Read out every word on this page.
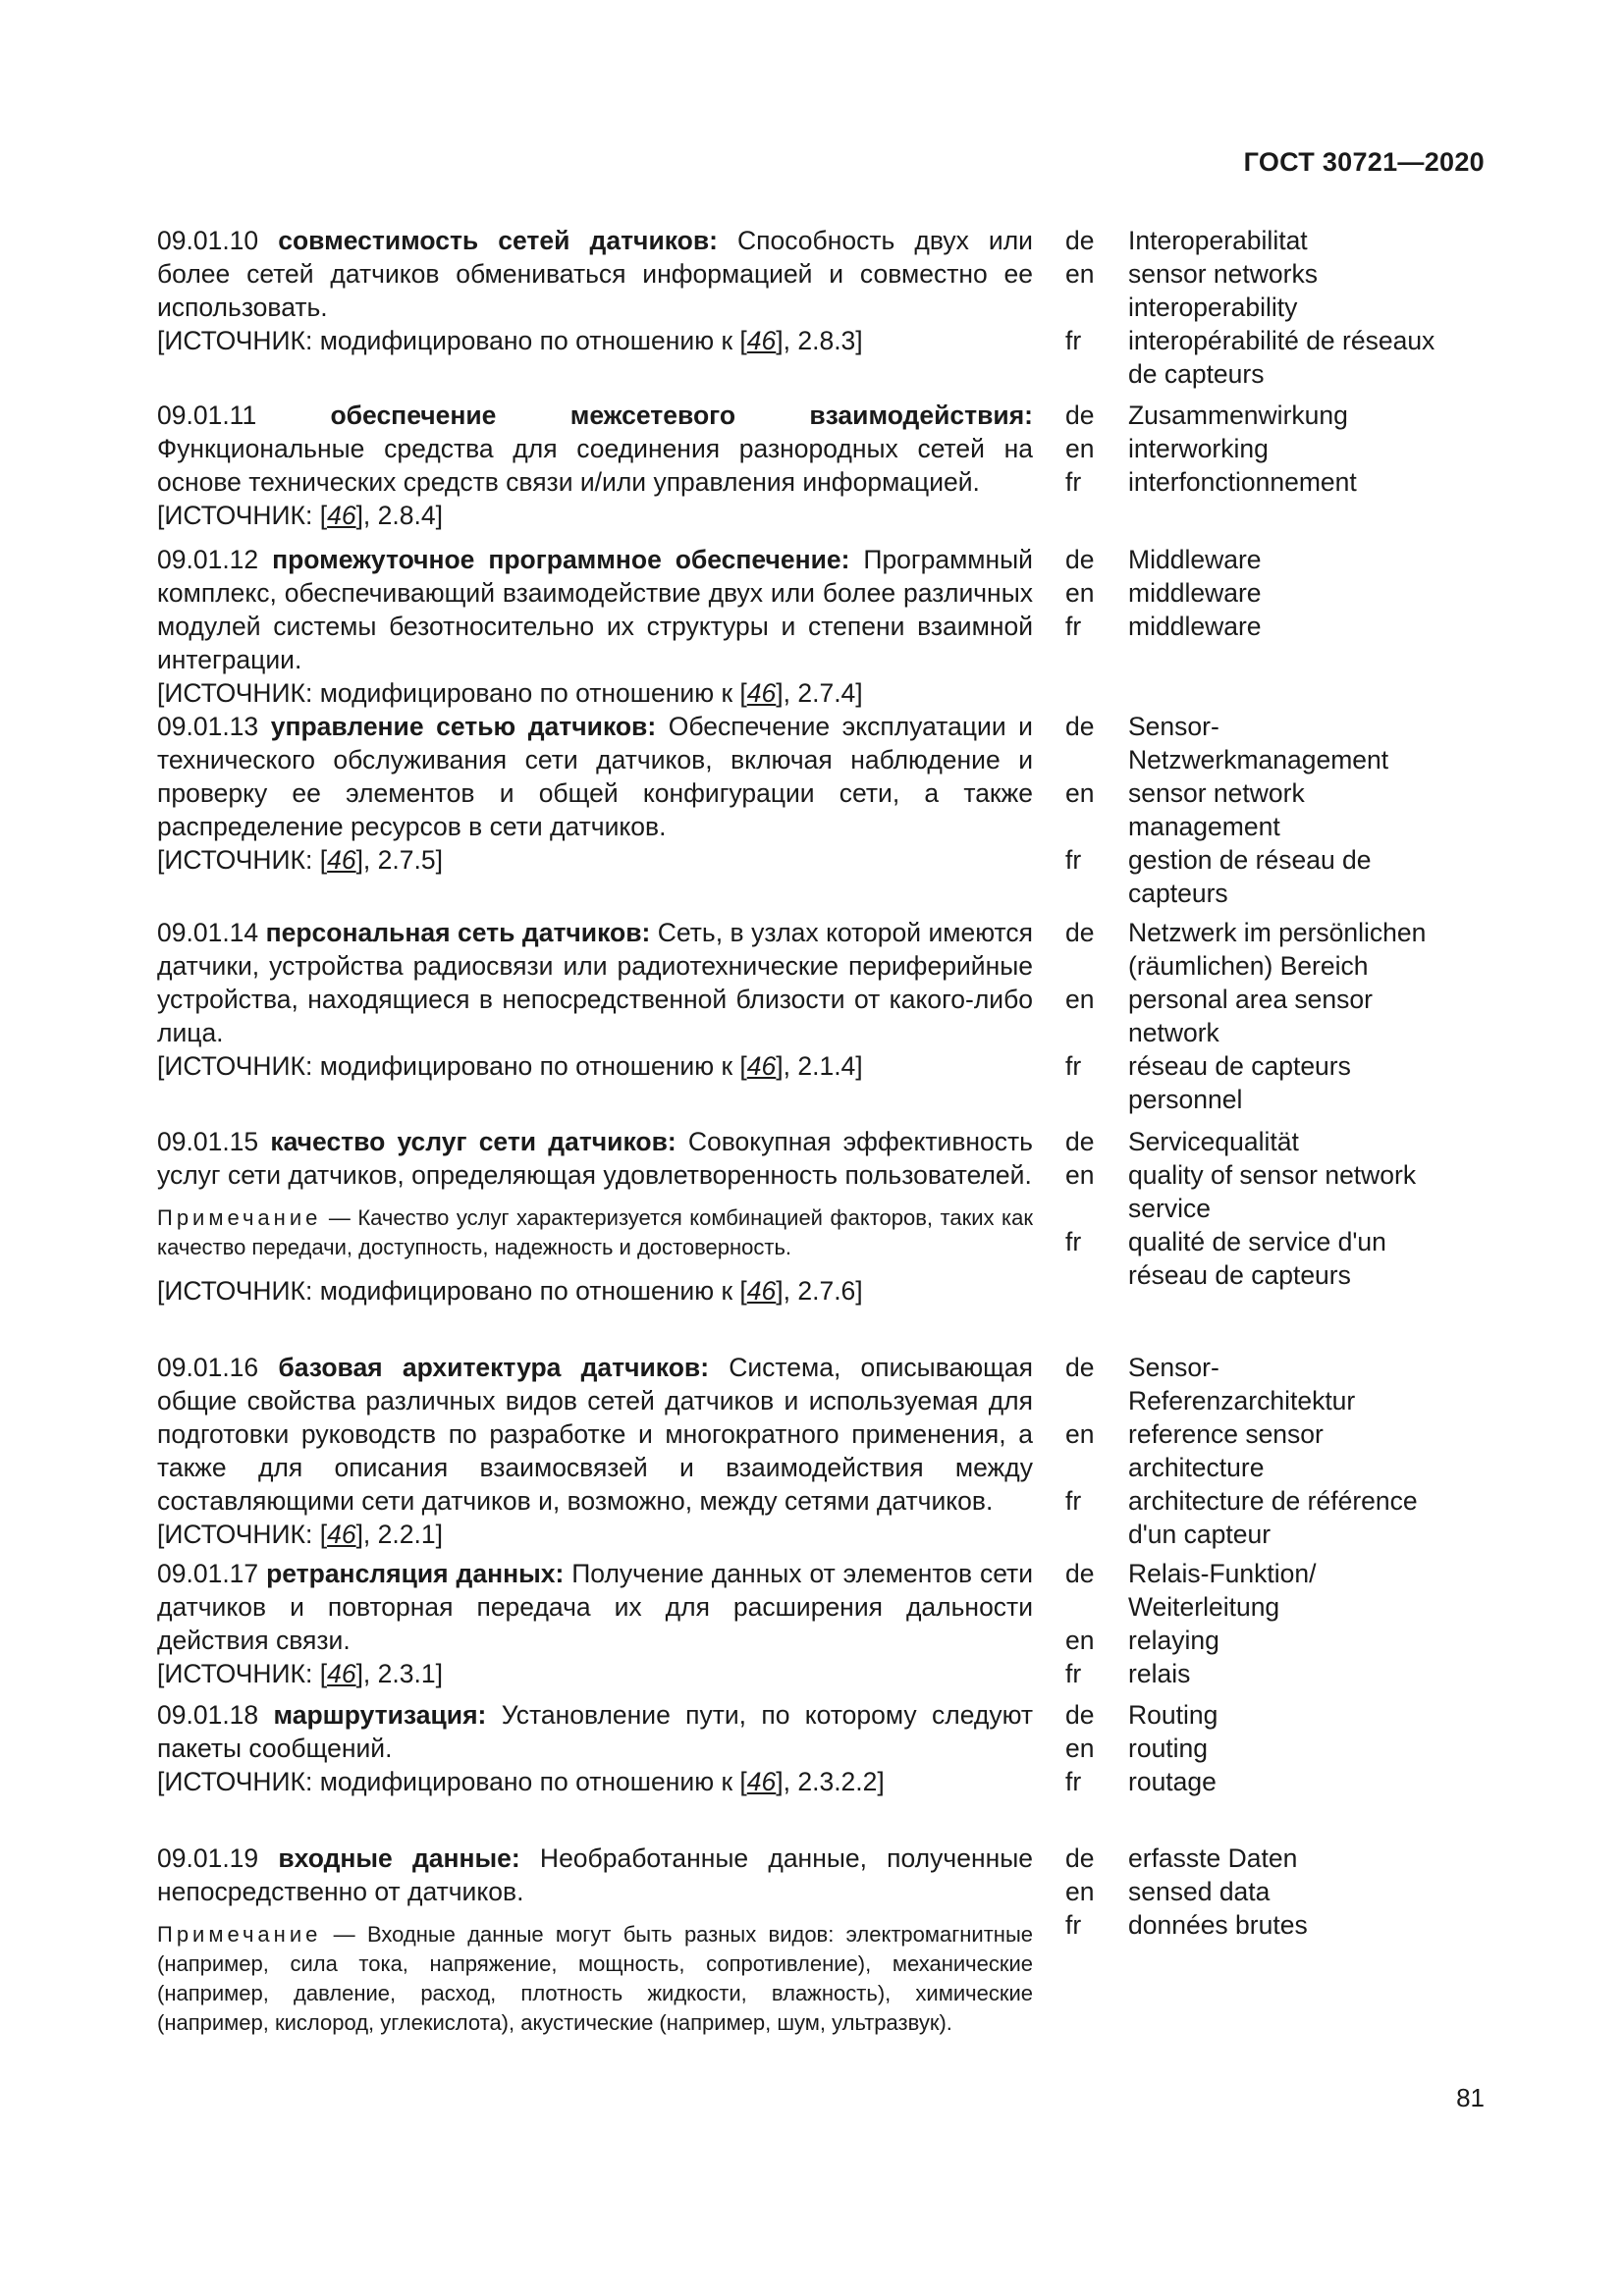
ГОСТ 30721—2020

09.01.10 совместимость сетей датчиков: Способность двух или более сетей датчиков обмениваться информацией и совместно ее использовать.

[ИСТОЧНИК: модифицировано по отношению к [46], 2.8.3]

de	Interoperabilitat
en	sensor networks interoperability
fr	interopérabilité de réseaux de capteurs

09.01.11	обеспечение межсетевого взаимодействия: Функциональные средства для соединения разнородных сетей на основе технических средств связи и/или управления информацией.

[ИСТОЧНИК: [46], 2.8.4]

de	Zusammenwirkung
en	interworking
fr	interfonctionnement

09.01.12 промежуточное программное обеспечение: Программный комплекс, обеспечивающий взаимодействие двух или более различных модулей системы безотносительно их структуры и степени взаимной интеграции.

[ИСТОЧНИК: модифицировано по отношению к [46], 2.7.4]

de	Middleware
en	middleware
fr	middleware

09.01.13 управление сетью датчиков: Обеспечение эксплуатации и технического обслуживания сети датчиков, включая наблюдение и проверку ее элементов и общей конфигурации сети, а также распределение ресурсов в сети датчиков.

[ИСТОЧНИК: [46], 2.7.5]

de	Sensor-Netzwerkmanagement
en	sensor network management
fr	gestion de réseau de capteurs

09.01.14 персональная сеть датчиков: Сеть, в узлах которой имеются датчики, устройства радиосвязи или радиотехнические периферийные устройства, находящиеся в непосредственной близости от какого-либо лица.

[ИСТОЧНИК: модифицировано по отношению к [46], 2.1.4]

de	Netzwerk im persönlichen (räumlichen) Bereich
en	personal area sensor network
fr	réseau de capteurs personnel

09.01.15 качество услуг сети датчиков: Совокупная эффективность услуг сети датчиков, определяющая удовлетворенность пользователей.

Примечание — Качество услуг характеризуется комбинацией факторов, таких как качество передачи, доступность, надежность и достоверность.

[ИСТОЧНИК: модифицировано по отношению к [46], 2.7.6]

de	Servicequalität
en	quality of sensor network service
fr	qualité de service d'un réseau de capteurs

09.01.16 базовая архитектура датчиков: Система, описывающая общие свойства различных видов сетей датчиков и используемая для подготовки руководств по разработке и многократного применения, а также для описания взаимосвязей и взаимодействия между составляющими сети датчиков и, возможно, между сетями датчиков.

[ИСТОЧНИК: [46], 2.2.1]

de	Sensor-Referenzarchitektur
en	reference sensor architecture
fr	architecture de référence d'un capteur

09.01.17 ретрансляция данных: Получение данных от элементов сети датчиков и повторная передача их для расширения дальности действия связи.

[ИСТОЧНИК: [46], 2.3.1]

de	Relais-Funktion/ Weiterleitung
en	relaying
fr	relais

09.01.18 маршрутизация: Установление пути, по которому следуют пакеты сообщений.

[ИСТОЧНИК: модифицировано по отношению к [46], 2.3.2.2]

de	Routing
en	routing
fr	routage

09.01.19 входные данные: Необработанные данные, полученные непосредственно от датчиков.

Примечание — Входные данные могут быть разных видов: электромагнитные (например, сила тока, напряжение, мощность, сопротивление), механические (например, давление, расход, плотность жидкости, влажность), химические (например, кислород, углекислота), акустические (например, шум, ультразвук).

de	erfasste Daten
en	sensed data
fr	données brutes
81
